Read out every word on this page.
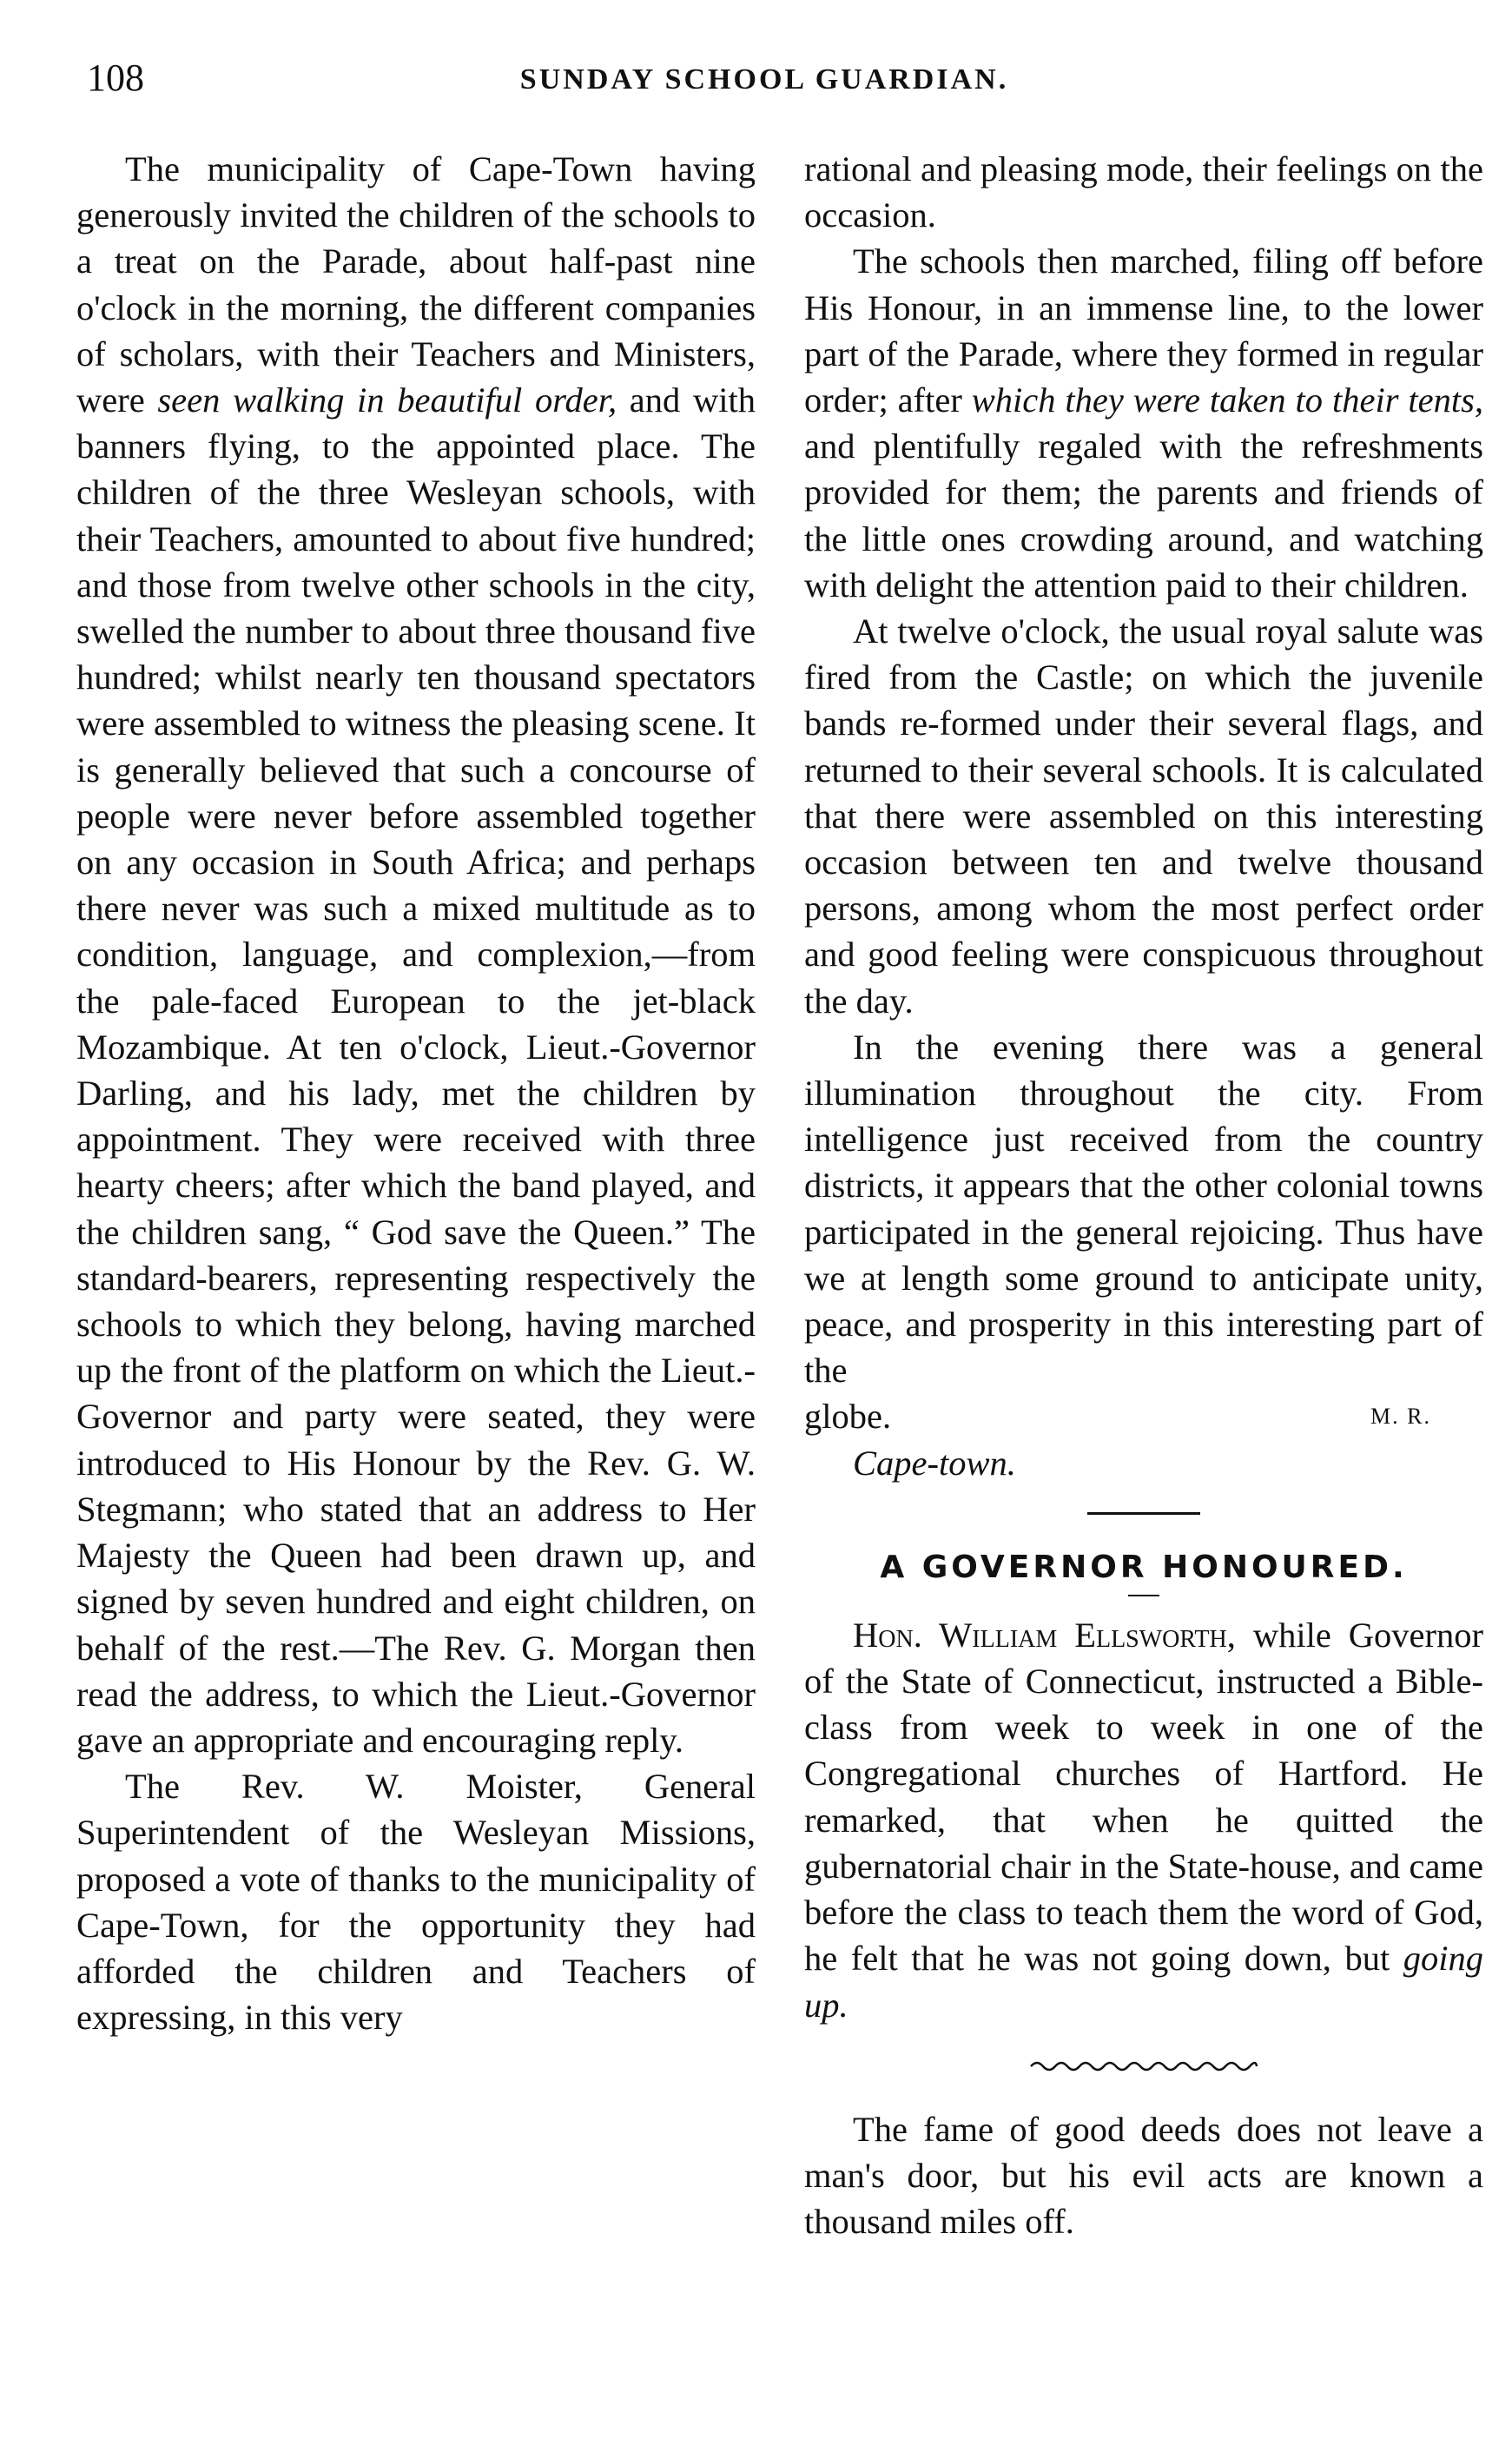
108	SUNDAY SCHOOL GUARDIAN.

The municipality of Cape-Town having generously invited the children of the schools to a treat on the Parade, about half-past nine o'clock in the morning, the different companies of scholars, with their Teachers and Ministers, were seen walking in beautiful order, and with banners flying, to the appointed place. The children of the three Wesleyan schools, with their Teachers, amounted to about five hundred; and those from twelve other schools in the city, swelled the number to about three thousand five hundred; whilst nearly ten thousand spectators were assembled to witness the pleasing scene. It is generally believed that such a concourse of people were never before assembled together on any occasion in South Africa; and perhaps there never was such a mixed multitude as to condition, language, and complexion,—from the pale-faced European to the jet-black Mozambique. At ten o'clock, Lieut.-Governor Darling, and his lady, met the children by appointment. They were received with three hearty cheers; after which the band played, and the children sang, “ God save the Queen.” The standard-bearers, representing respectively the schools to which they belong, having marched up the front of the platform on which the Lieut.-Governor and party were seated, they were introduced to His Honour by the Rev. G. W. Stegmann; who stated that an address to Her Majesty the Queen had been drawn up, and signed by seven hundred and eight children, on behalf of the rest.—The Rev. G. Morgan then read the address, to which the Lieut.-Governor gave an appropriate and encouraging reply.

The Rev. W. Moister, General Superintendent of the Wesleyan Missions, proposed a vote of thanks to the municipality of Cape-Town, for the opportunity they had afforded the children and Teachers of expressing, in this very

rational and pleasing mode, their feelings on the occasion.

The schools then marched, filing off before His Honour, in an immense line, to the lower part of the Parade, where they formed in regular order; after which they were taken to their tents, and plentifully regaled with the refreshments provided for them; the parents and friends of the little ones crowding around, and watching with delight the attention paid to their children.

At twelve o'clock, the usual royal salute was fired from the Castle; on which the juvenile bands re-formed under their several flags, and returned to their several schools. It is calculated that there were assembled on this interesting occasion between ten and twelve thousand persons, among whom the most perfect order and good feeling were conspicuous throughout the day.

In the evening there was a general illumination throughout the city. From intelligence just received from the country districts, it appears that the other colonial towns participated in the general rejoicing. Thus have we at length some ground to anticipate unity, peace, and prosperity in this interesting part of the

globe.	M. R.
Cape-town.
A GOVERNOR HONOURED.

Hon. William Ellsworth, while Governor of the State of Connecticut, instructed a Bible-class from week to week in one of the Congregational churches of Hartford. He remarked, that when he quitted the gubernatorial chair in the State-house, and came before the class to teach them the word of God, he felt that he was not going down, but going up.

The fame of good deeds does not leave a man's door, but his evil acts are known a thousand miles off.
